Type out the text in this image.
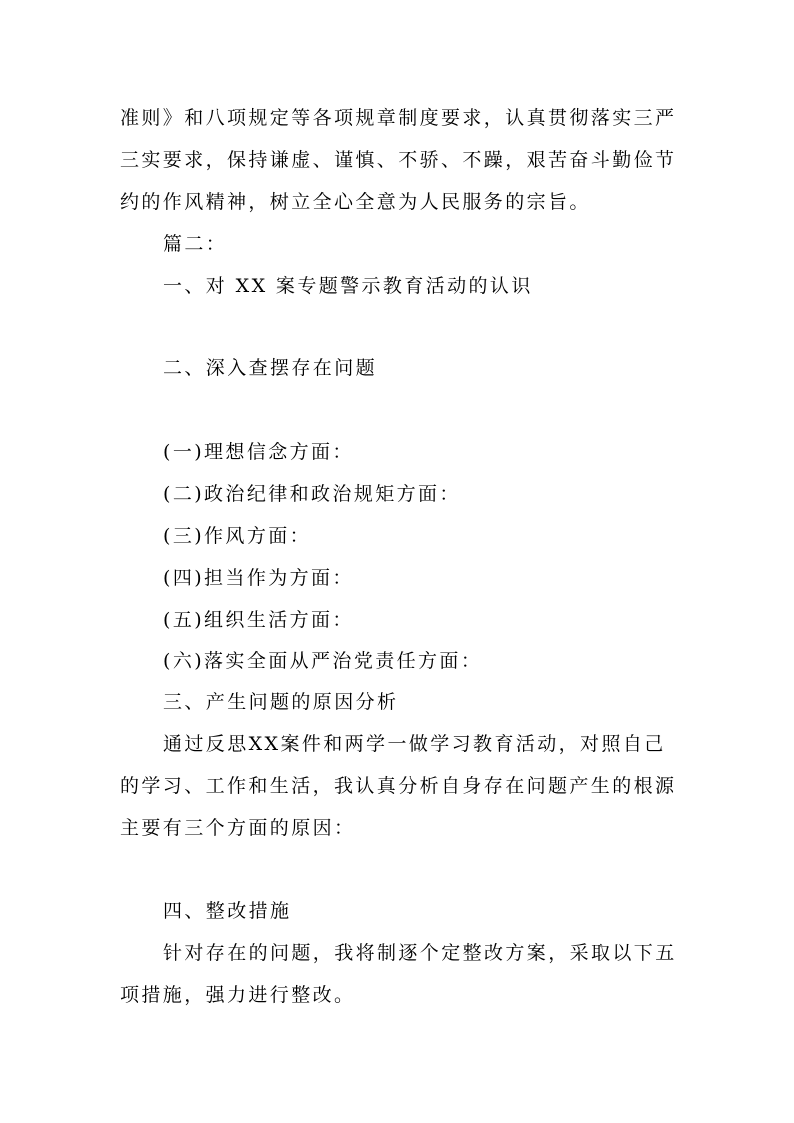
准则》和八项规定等各项规章制度要求，认真贯彻落实三严
三实要求，保持谦虚、谨慎、不骄、不躁，艰苦奋斗勤俭节
约的作风精神，树立全心全意为人民服务的宗旨。
篇二：
一、对 XX 案专题警示教育活动的认识
二、深入查摆存在问题
(一)理想信念方面：
(二)政治纪律和政治规矩方面：
(三)作风方面：
(四)担当作为方面：
(五)组织生活方面：
(六)落实全面从严治党责任方面：
三、产生问题的原因分析
通过反思XX案件和两学一做学习教育活动，对照自己
的学习、工作和生活，我认真分析自身存在问题产生的根源
主要有三个方面的原因：
四、整改措施
针对存在的问题，我将制逐个定整改方案，采取以下五
项措施，强力进行整改。
